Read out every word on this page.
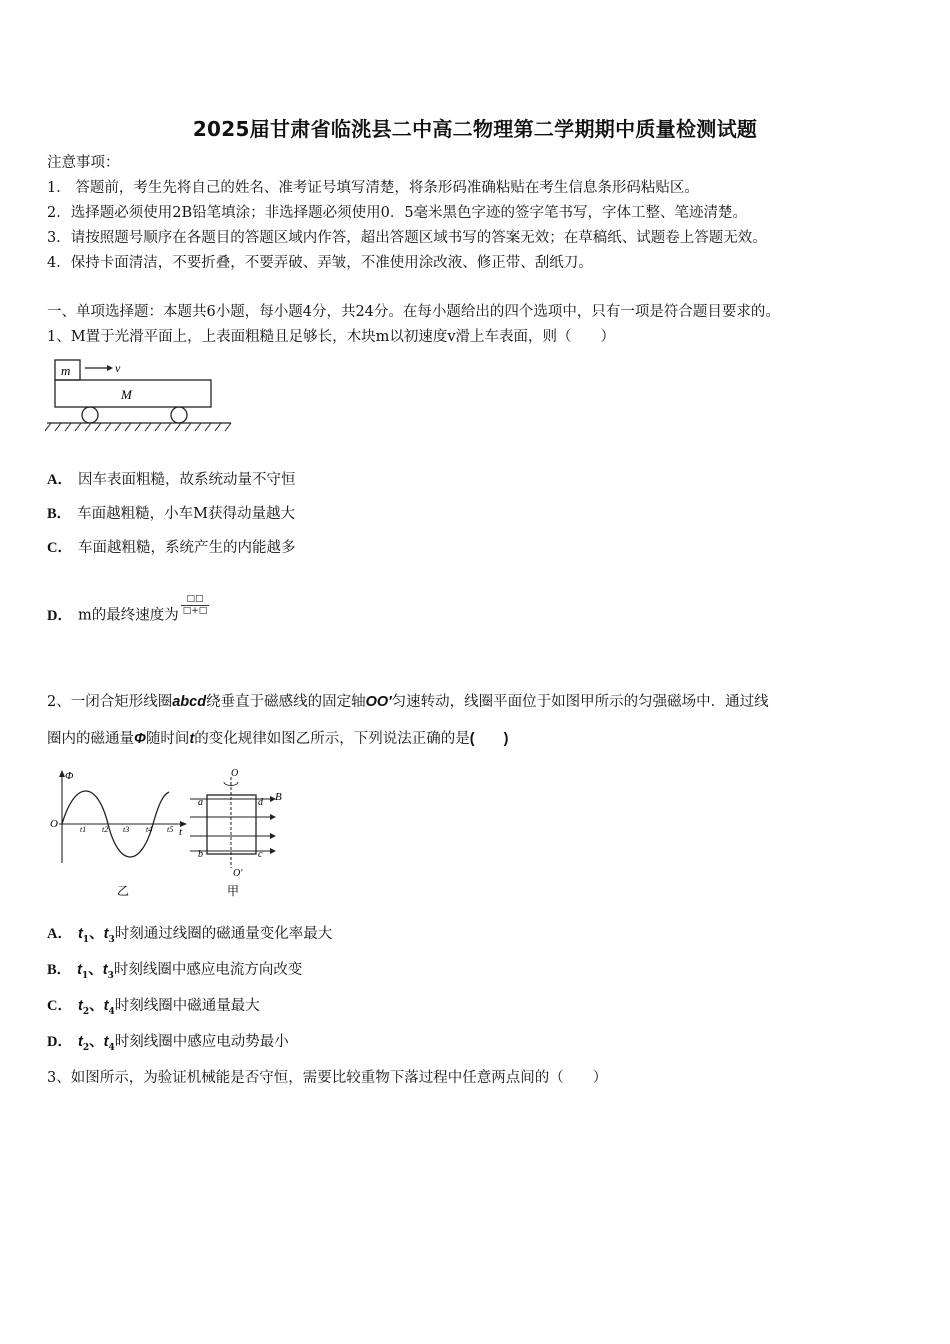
2025届甘肃省临洮县二中高二物理第二学期期中质量检测试题
注意事项：
1． 答题前，考生先将自己的姓名、准考证号填写清楚，将条形码准确粘贴在考生信息条形码粘贴区。
2．选择题必须使用2B铅笔填涂；非选择题必须使用0．5毫米黑色字迹的签字笔书写，字体工整、笔迹清楚。
3．请按照题号顺序在各题目的答题区域内作答，超出答题区域书写的答案无效；在草稿纸、试题卷上答题无效。
4．保持卡面清洁，不要折叠，不要弄破、弄皱，不准使用涂改液、修正带、刮纸刀。
一、单项选择题：本题共6小题，每小题4分，共24分。在每小题给出的四个选项中，只有一项是符合题目要求的。
1、M置于光滑平面上，上表面粗糙且足够长，木块m以初速度v滑上车表面，则（　　）
m	v
M
A． 因车表面粗糙，故系统动量不守恒
B． 车面越粗糙，小车M获得动量越大
C． 车面越粗糙，系统产生的内能越多
D． m的最终速度为 $\frac{□□}{□+□}$
2、一闭合矩形线圈abcd绕垂直于磁感线的固定轴OO′匀速转动，线圈平面位于如图甲所示的匀强磁场中．通过线
圈内的磁通量Φ随时间t的变化规律如图乙所示，下列说法正确的是(　　)
Φ
O
t
t1 t2 t3 t4 t5
乙
O
a	d
b	c
B
O′
甲
A． $t_1$、$t_3$时刻通过线圈的磁通量变化率最大
B． $t_1$、$t_3$时刻线圈中感应电流方向改变
C． $t_2$、$t_4$时刻线圈中磁通量最大
D． $t_2$、$t_4$时刻线圈中感应电动势最小
3、如图所示，为验证机械能是否守恒，需要比较重物下落过程中任意两点间的（　　）
